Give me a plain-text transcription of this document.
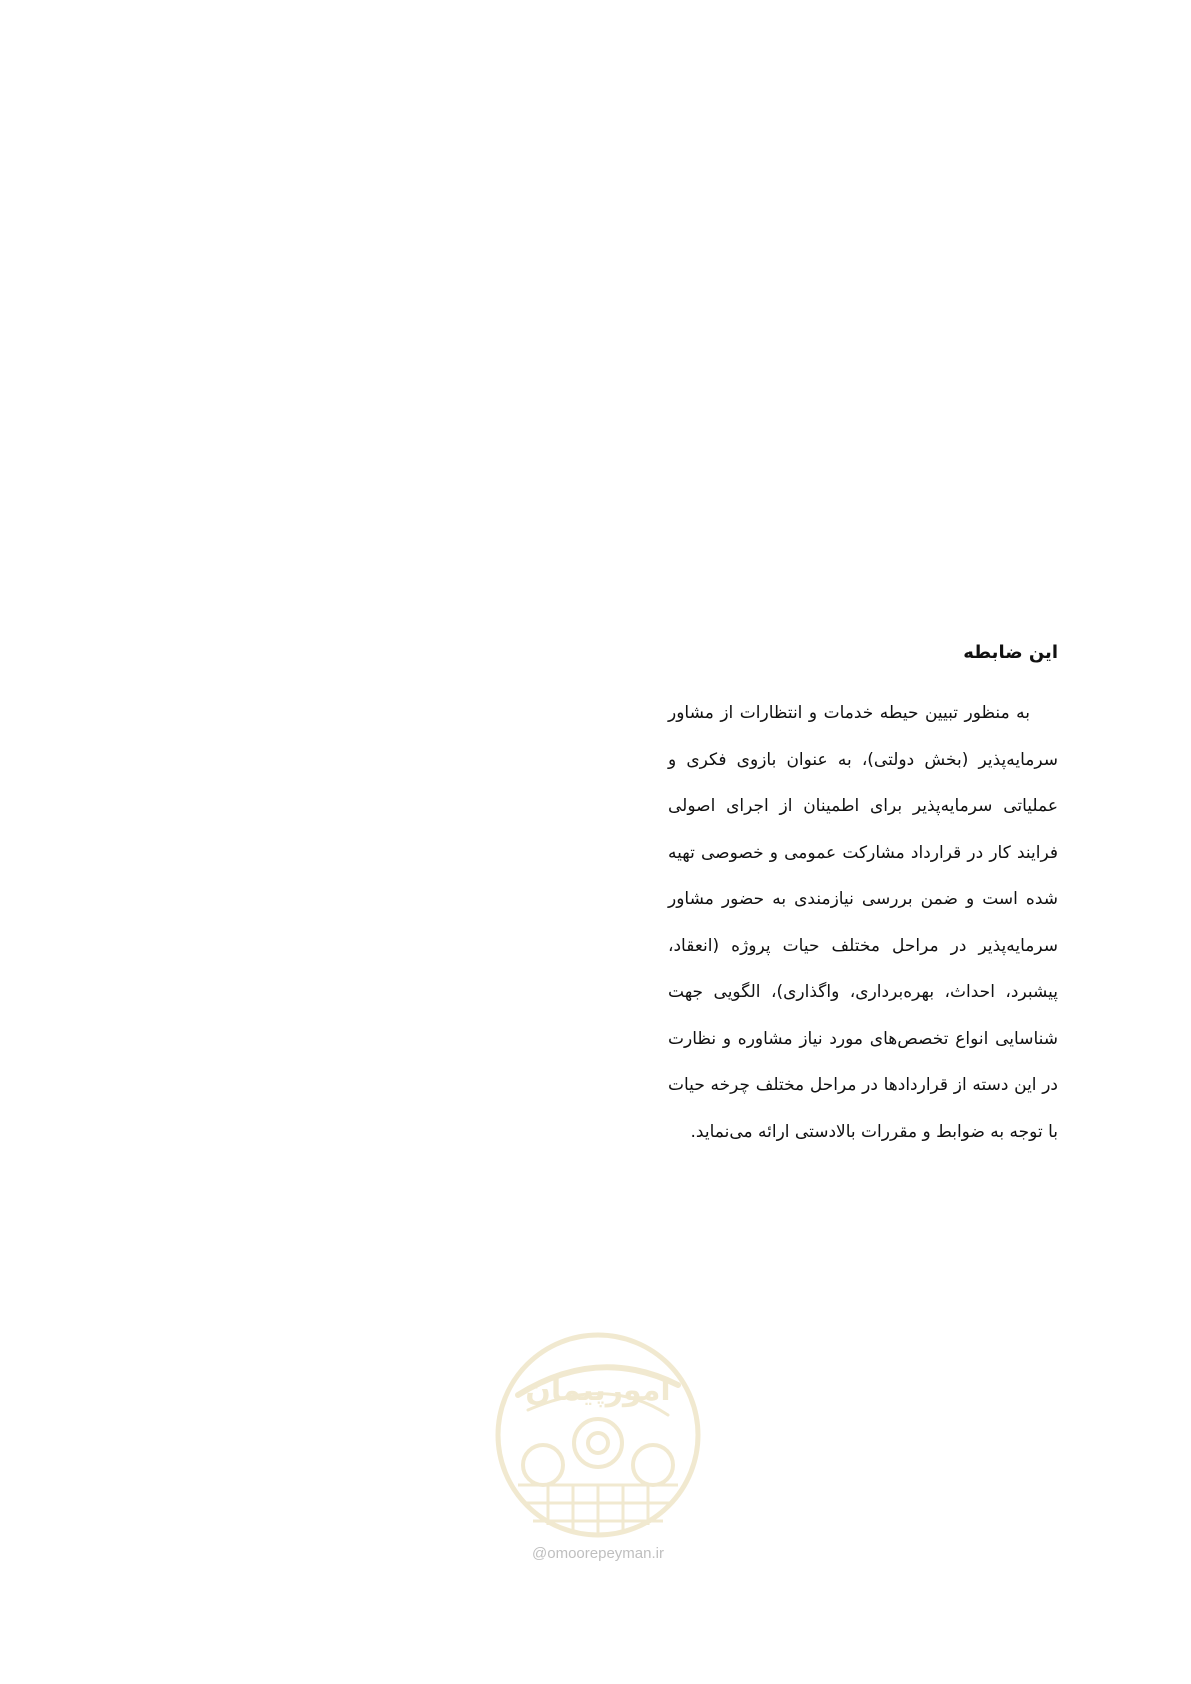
این ضابطه

به منظور تبیین حیطه خدمات و انتظارات از مشاور سرمایه‌پذیر (بخش دولتی)، به عنوان بازوی فکری و عملیاتی سرمایه‌پذیر برای اطمینان از اجرای اصولی فرایند کار در قرارداد مشارکت عمومی و خصوصی تهیه شده است و ضمن بررسی نیازمندی به حضور مشاور سرمایه‌پذیر در مراحل مختلف حیات پروژه (انعقاد، پیشبرد، احداث، بهره‌برداری، واگذاری)، الگویی جهت شناسایی انواع تخصص‌های مورد نیاز مشاوره و نظارت در این دسته از قراردادها در مراحل مختلف چرخه حیات با توجه به ضوابط و مقررات بالادستی ارائه می‌نماید.

امورپیمان
@omoorepeyman.ir
